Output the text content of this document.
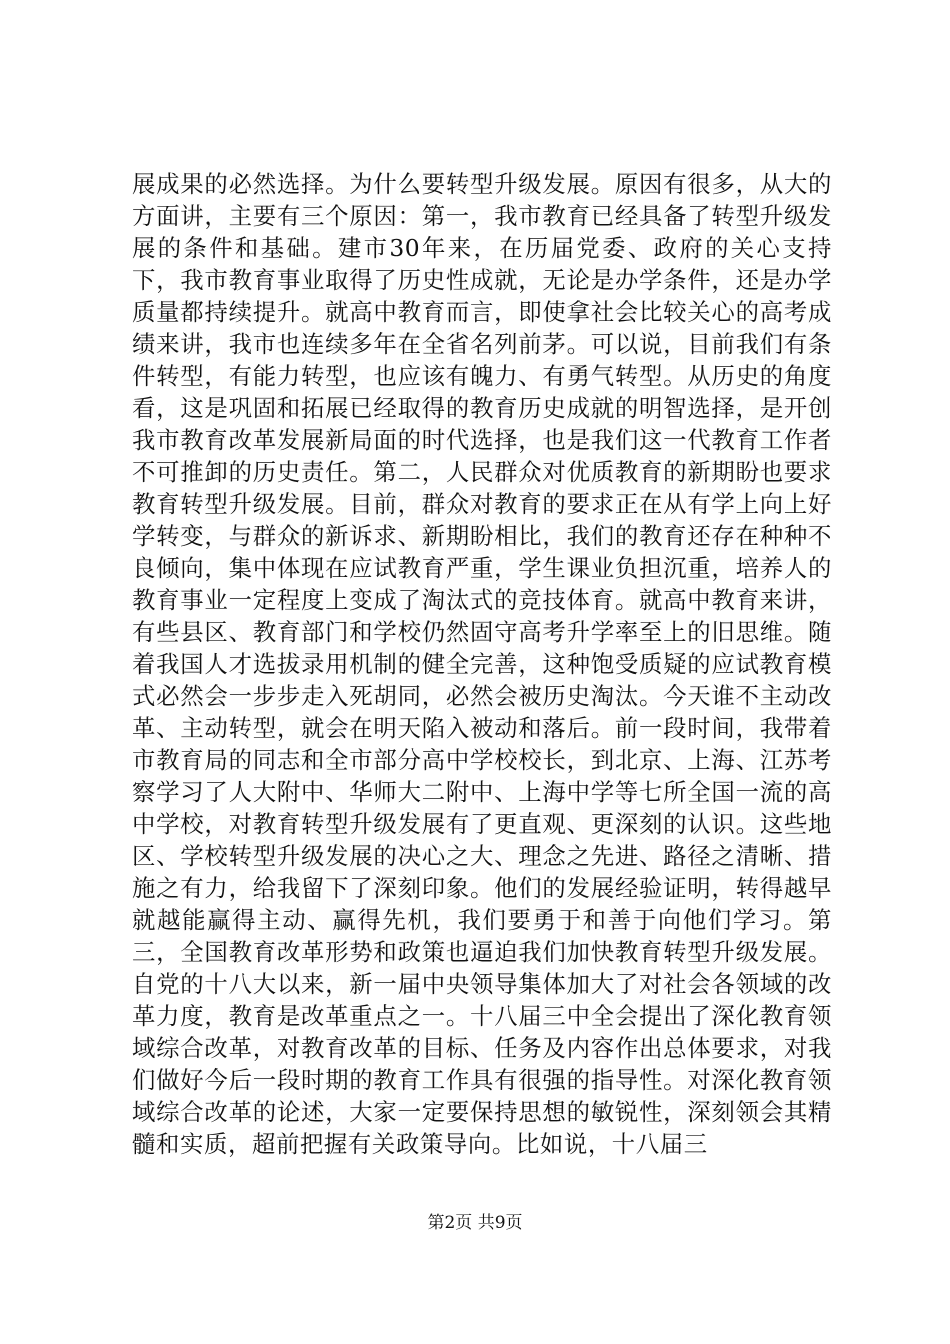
展成果的必然选择。为什么要转型升级发展。原因有很多，从大的方面讲，主要有三个原因：第一，我市教育已经具备了转型升级发展的条件和基础。建市30年来，在历届党委、政府的关心支持下，我市教育事业取得了历史性成就，无论是办学条件，还是办学质量都持续提升。就高中教育而言，即使拿社会比较关心的高考成绩来讲，我市也连续多年在全省名列前茅。可以说，目前我们有条件转型，有能力转型，也应该有魄力、有勇气转型。从历史的角度看，这是巩固和拓展已经取得的教育历史成就的明智选择，是开创我市教育改革发展新局面的时代选择，也是我们这一代教育工作者不可推卸的历史责任。第二，人民群众对优质教育的新期盼也要求教育转型升级发展。目前，群众对教育的要求正在从有学上向上好学转变，与群众的新诉求、新期盼相比，我们的教育还存在种种不良倾向，集中体现在应试教育严重，学生课业负担沉重，培养人的教育事业一定程度上变成了淘汰式的竞技体育。就高中教育来讲，有些县区、教育部门和学校仍然固守高考升学率至上的旧思维。随着我国人才选拔录用机制的健全完善，这种饱受质疑的应试教育模式必然会一步步走入死胡同，必然会被历史淘汰。今天谁不主动改革、主动转型，就会在明天陷入被动和落后。前一段时间，我带着市教育局的同志和全市部分高中学校校长，到北京、上海、江苏考察学习了人大附中、华师大二附中、上海中学等七所全国一流的高中学校，对教育转型升级发展有了更直观、更深刻的认识。这些地区、学校转型升级发展的决心之大、理念之先进、路径之清晰、措施之有力，给我留下了深刻印象。他们的发展经验证明，转得越早就越能赢得主动、赢得先机，我们要勇于和善于向他们学习。第三，全国教育改革形势和政策也逼迫我们加快教育转型升级发展。自党的十八大以来，新一届中央领导集体加大了对社会各领域的改革力度，教育是改革重点之一。十八届三中全会提出了深化教育领域综合改革，对教育改革的目标、任务及内容作出总体要求，对我们做好今后一段时期的教育工作具有很强的指导性。对深化教育领域综合改革的论述，大家一定要保持思想的敏锐性，深刻领会其精髓和实质，超前把握有关政策导向。比如说，十八届三

第2页 共9页
